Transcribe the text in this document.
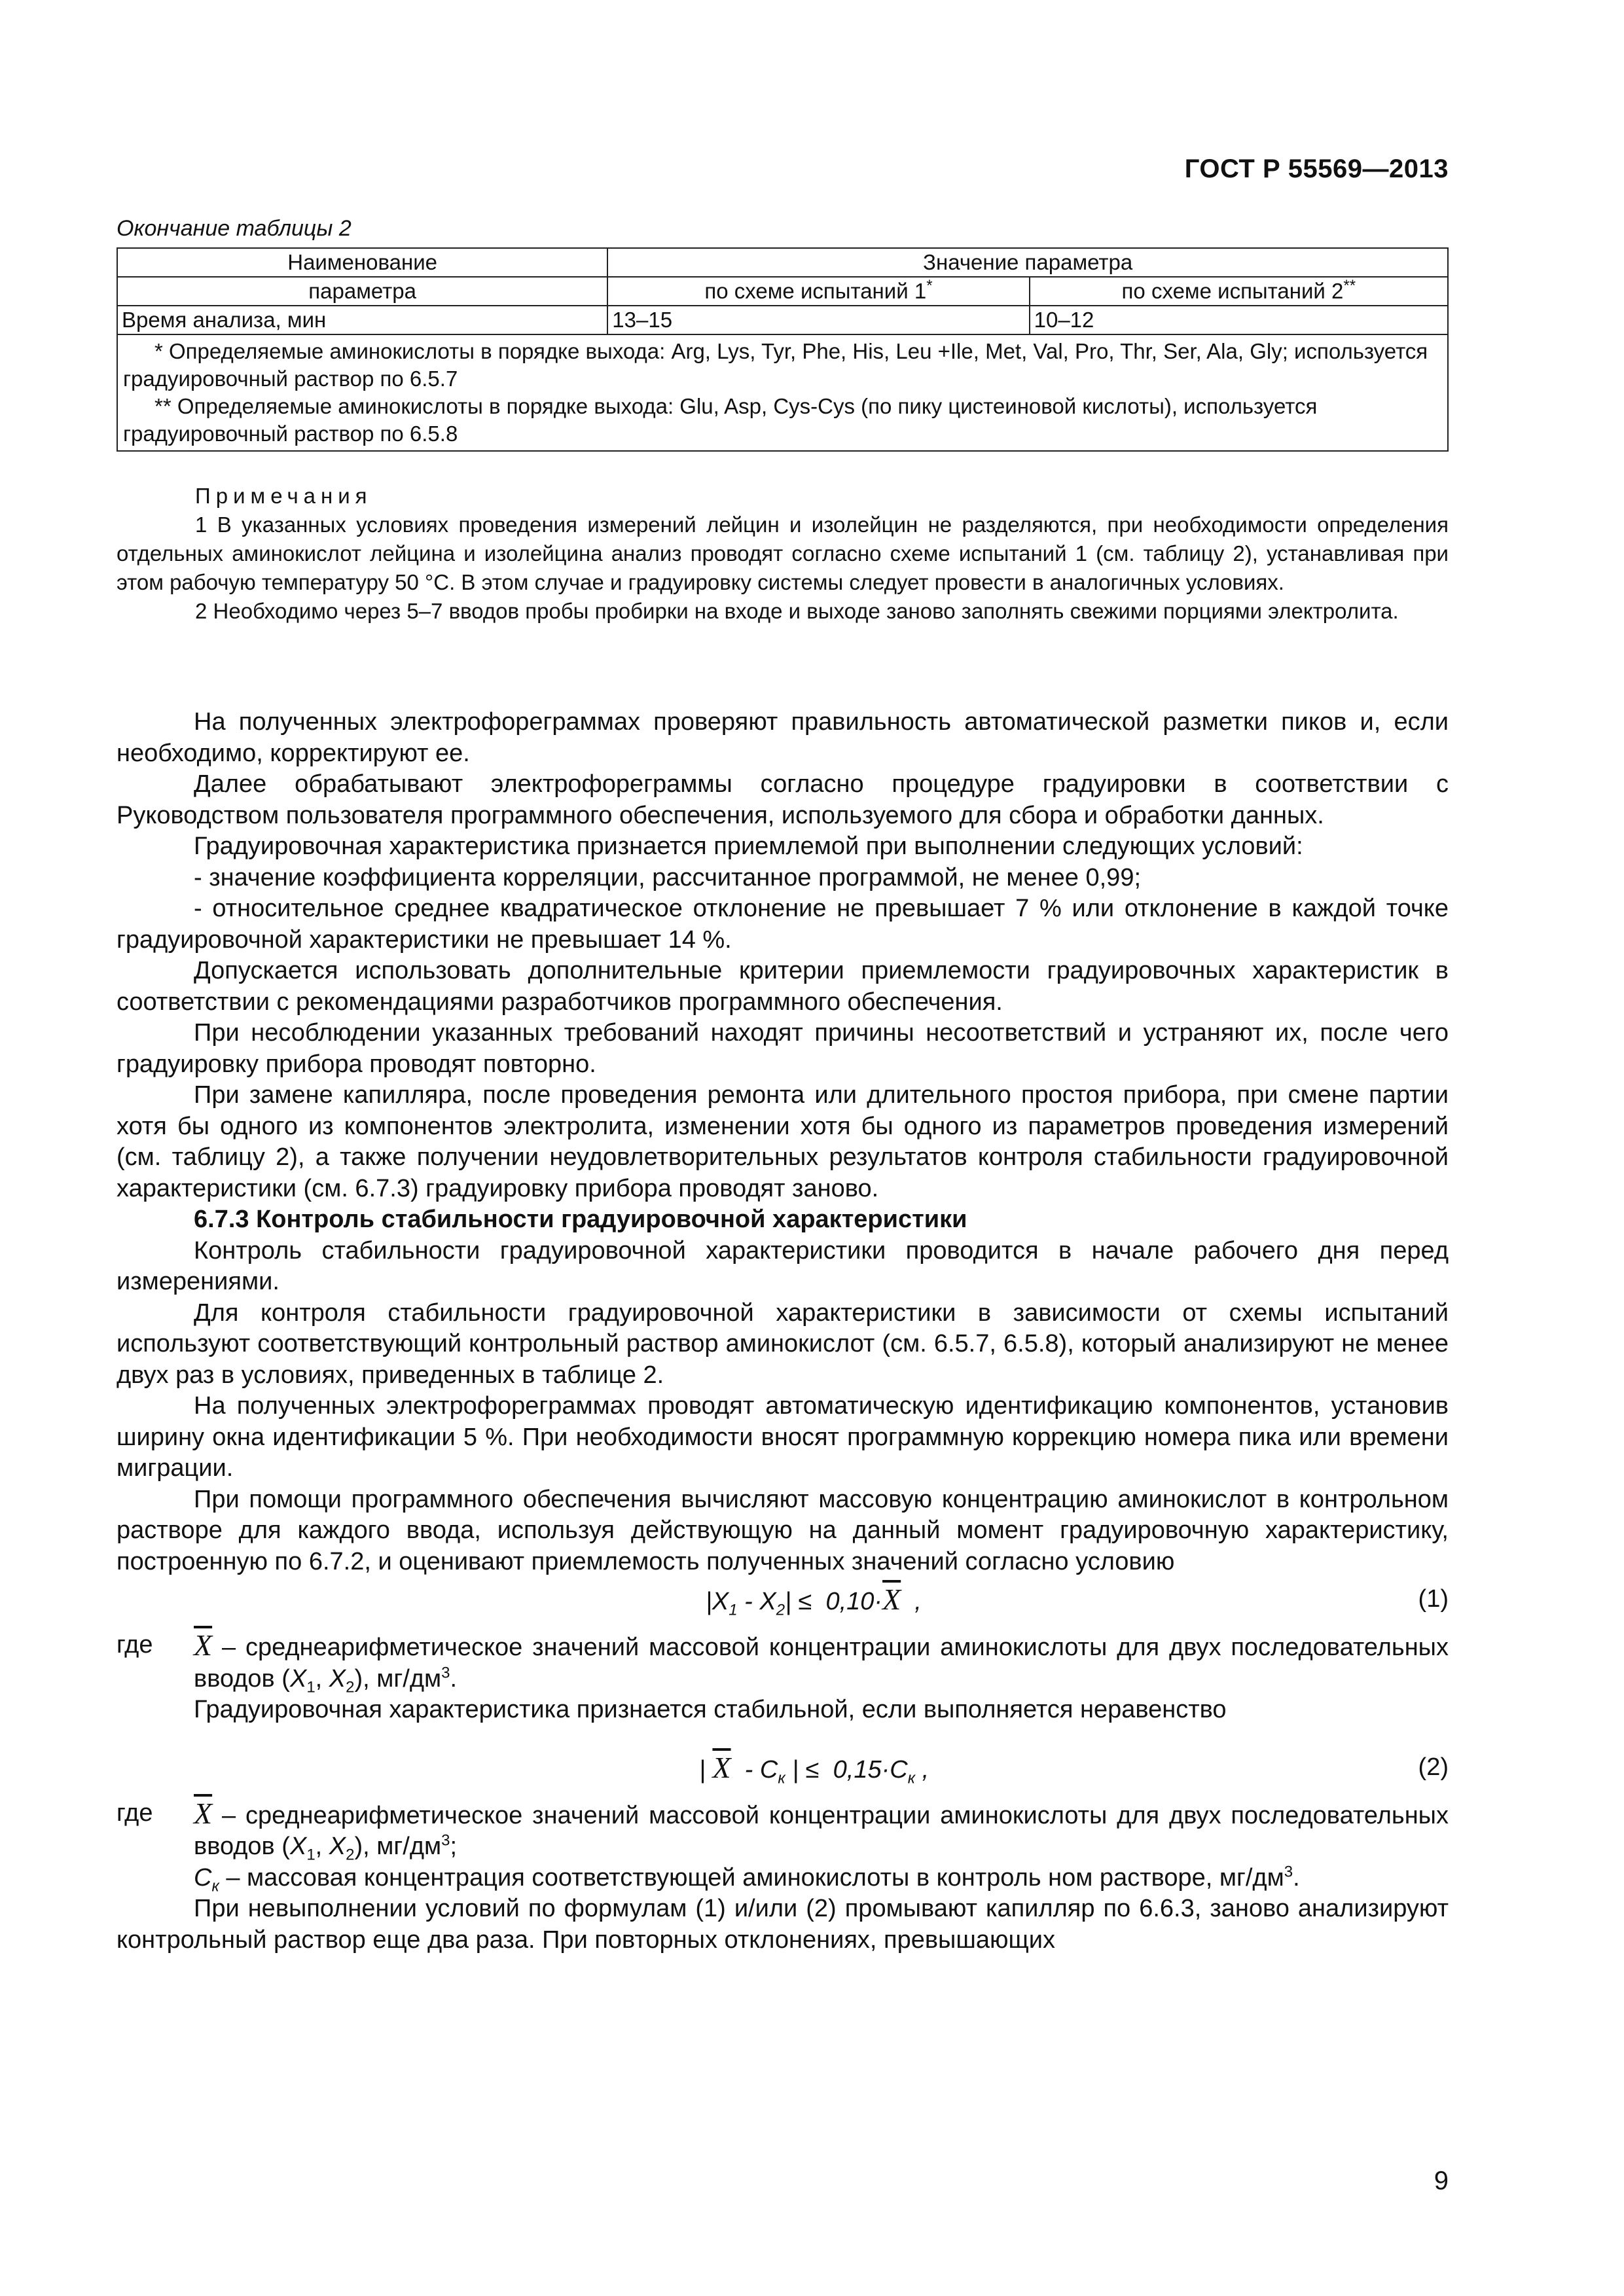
ГОСТ Р 55569—2013
Окончание таблицы 2
Наименование	Значение параметра	
параметра	по схеме испытаний 1*	по схеме испытаний 2**
Время анализа, мин	13–15	10–12

* Определяемые аминокислоты в порядке выхода: Arg, Lys, Tyr, Phe, His, Leu +Ile, Met, Val, Pro, Thr, Ser, Ala, Gly; используется градуировочный раствор по 6.5.7
** Определяемые аминокислоты в порядке выхода: Glu, Asp, Cys-Cys (по пику цистеиновой кислоты), используется градуировочный раствор по 6.5.8		
Примечания

1 В указанных условиях проведения измерений лейцин и изолейцин не разделяются, при необходимости определения отдельных аминокислот лейцина и изолейцина анализ проводят согласно схеме испытаний 1 (см. таблицу 2), устанавливая при этом рабочую температуру 50 °С. В этом случае и градуировку системы следует провести в аналогичных условиях.

2 Необходимо через 5–7 вводов пробы пробирки на входе и выходе заново заполнять свежими порциями электролита.

На полученных электрофореграммах проверяют правильность автоматической разметки пиков и, если необходимо, корректируют ее.

Далее обрабатывают электрофореграммы согласно процедуре градуировки в соответствии с Руководством пользователя программного обеспечения, используемого для сбора и обработки данных.

Градуировочная характеристика признается приемлемой при выполнении следующих условий:

- значение коэффициента корреляции, рассчитанное программой, не менее 0,99;

- относительное среднее квадратическое отклонение не превышает 7 % или отклонение в каждой точке градуировочной характеристики не превышает 14 %.

Допускается использовать дополнительные критерии приемлемости градуировочных характеристик в соответствии с рекомендациями разработчиков программного обеспечения.

При несоблюдении указанных требований находят причины несоответствий и устраняют их, после чего градуировку прибора проводят повторно.

При замене капилляра, после проведения ремонта или длительного простоя прибора, при смене партии хотя бы одного из компонентов электролита, изменении хотя бы одного из параметров проведения измерений (см. таблицу 2), а также получении неудовлетворительных результатов контроля стабильности градуировочной характеристики (см. 6.7.3) градуировку прибора проводят заново.

6.7.3 Контроль стабильности градуировочной характеристики

Контроль стабильности градуировочной характеристики проводится в начале рабочего дня перед измерениями.

Для контроля стабильности градуировочной характеристики в зависимости от схемы испытаний используют соответствующий контрольный раствор аминокислот (см. 6.5.7, 6.5.8), который анализируют не менее двух раз в условиях, приведенных в таблице 2.

На полученных электрофореграммах проводят автоматическую идентификацию компонентов, установив ширину окна идентификации 5 %. При необходимости вносят программную коррекцию номера пика или времени миграции.

При помощи программного обеспечения вычисляют массовую концентрацию аминокислот в контрольном растворе для каждого ввода, используя действующую на данный момент градуировочную характеристику, построенную по 6.7.2, и оценивают приемлемость полученных значений согласно условию

$|X_1 - X_2| \le 0,10\cdot\overline{X}$  ,	(1)
где $\overline{X}$ – среднеарифметическое значений массовой концентрации аминокислоты для двух последовательных вводов ($X_1$, $X_2$), $мг/дм^3$.

Градуировочная характеристика признается стабильной, если выполняется неравенство

| $\overline{X} - C_к$ | ≤  $0,15\cdot C_к$ ,	(2)
где $\overline{X}$ – среднеарифметическое значений массовой концентрации аминокислоты для двух последовательных вводов ($X_1$, $X_2$), $мг/дм^3$;

$C_к$ – массовая концентрация соответствующей аминокислоты в контроль ном растворе, $мг/дм^3$.

При невыполнении условий по формулам (1) и/или (2) промывают капилляр по 6.6.3, заново анализируют контрольный раствор еще два раза. При повторных отклонениях, превышающих

9
